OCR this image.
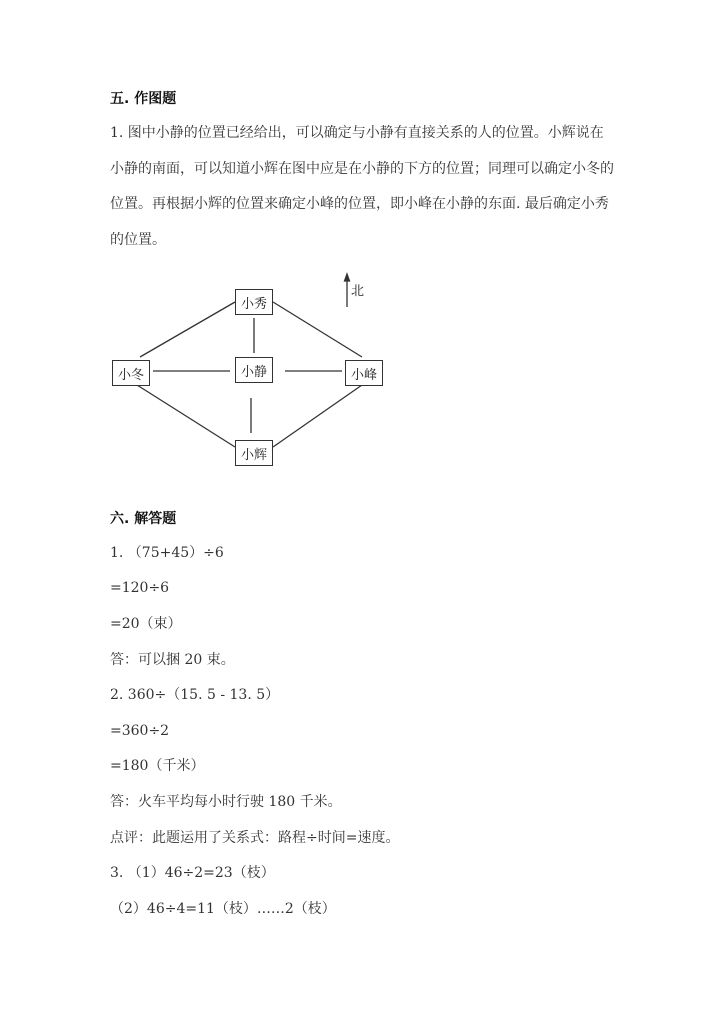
五. 作图题
1. 图中小静的位置已经给出，可以确定与小静有直接关系的人的位置。小辉说在小静的南面，可以知道小辉在图中应是在小静的下方的位置；同理可以确定小冬的位置。再根据小辉的位置来确定小峰的位置，即小峰在小静的东面. 最后确定小秀的位置。
北
小秀
小冬	小静	小峰
小辉
六. 解答题
1. （75+45）÷6
=120÷6
=20（束）
答：可以捆 20 束。
2. 360÷（15. 5 - 13. 5）
=360÷2
=180（千米）
答：火车平均每小时行驶 180 千米。
点评：此题运用了关系式：路程÷时间=速度。
3. （1）46÷2=23（枝）
（2）46÷4=11（枝）……2（枝）
